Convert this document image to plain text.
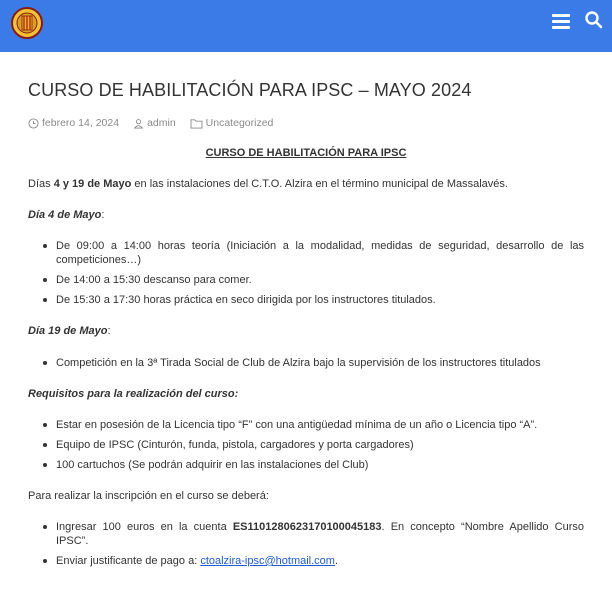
CURSO DE HABILITACIÓN PARA IPSC – MAYO 2024
febrero 14, 2024	admin	Uncategorized
CURSO DE HABILITACIÓN PARA IPSC
Días 4 y 19 de Mayo en las instalaciones del C.T.O. Alzira en el término municipal de Massalavés.
Día 4 de Mayo:
De 09:00 a 14:00 horas teoría (Iniciación a la modalidad, medidas de seguridad, desarrollo de las competiciones…)
De 14:00 a 15:30 descanso para comer.
De 15:30 a 17:30 horas práctica en seco dirigida por los instructores titulados.
Día 19 de Mayo:
Competición en la 3ª Tirada Social de Club de Alzira bajo la supervisión de los instructores titulados
Requisitos para la realización del curso:
Estar en posesión de la Licencia tipo “F” con una antigüedad mínima de un año o Licencia tipo “A”.
Equipo de IPSC (Cinturón, funda, pistola, cargadores y porta cargadores)
100 cartuchos (Se podrán adquirir en las instalaciones del Club)
Para realizar la inscripción en el curso se deberá:
Ingresar 100 euros en la cuenta ES1101280623170100045183. En concepto “Nombre Apellido Curso IPSC”.
Enviar justificante de pago a: ctoalzira-ipsc@hotmail.com.
